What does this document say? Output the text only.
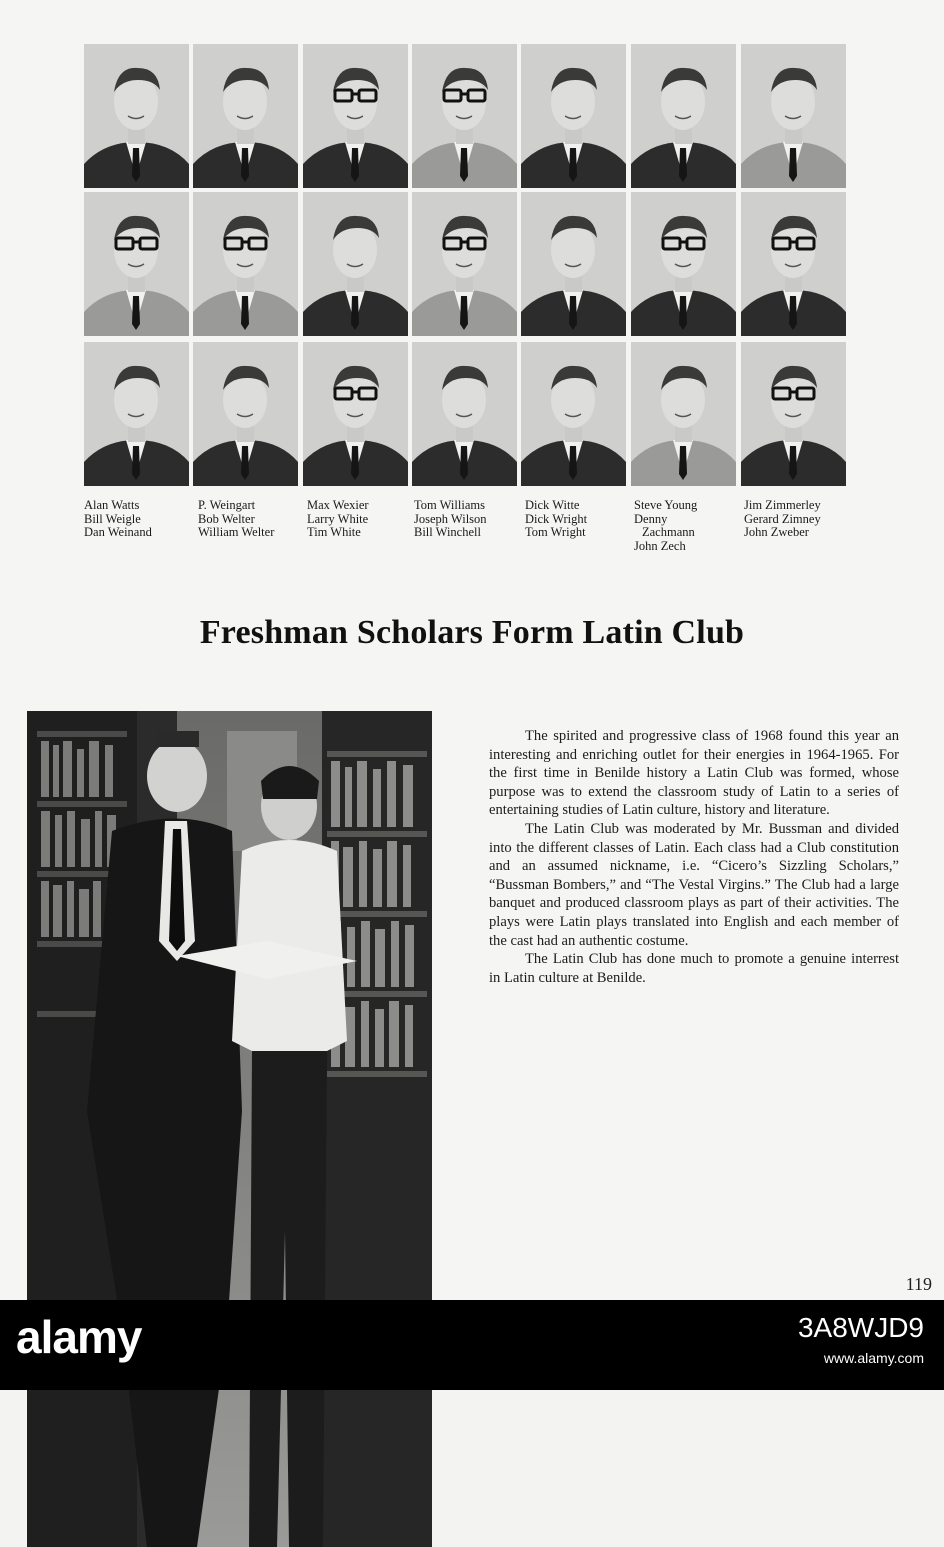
Alan Watts
Bill Weigle
Dan Weinand
P. Weingart
Bob Welter
William Welter
Max Wexier
Larry White
Tim White
Tom Williams
Joseph Wilson
Bill Winchell
Dick Witte
Dick Wright
Tom Wright
Steve Young
Denny
Zachmann
John Zech
Jim Zimmerley
Gerard Zimney
John Zweber
Freshman Scholars Form Latin Club

The spirited and progressive class of 1968 found this year an interesting and enriching outlet for their energies in 1964-1965. For the first time in Benilde history a Latin Club was formed, whose purpose was to extend the classroom study of Latin to a series of entertaining studies of Latin culture, history and literature.

The Latin Club was moderated by Mr. Bussman and divided into the different classes of Latin. Each class had a Club constitution and an assumed nickname, i.e. “Cicero’s Sizzling Scholars,” “Bussman Bombers,” and “The Vestal Virgins.” The Club had a large banquet and produced classroom plays as part of their activities. The plays were Latin plays translated into English and each member of the cast had an authentic costume.

The Latin Club has done much to promote a genuine interrest in Latin culture at Benilde.

119
alamy	3A8WJD9
www.alamy.com
